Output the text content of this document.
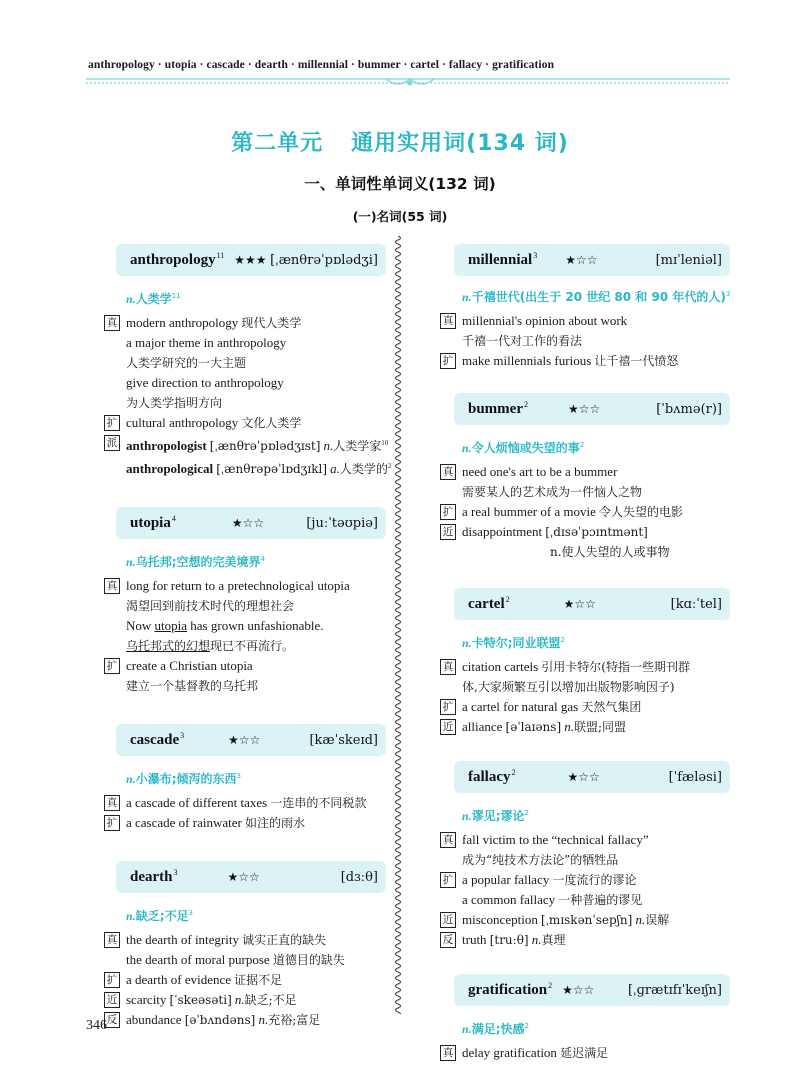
anthropology · utopia · cascade · dearth · millennial · bummer · cartel · fallacy · gratification
第二单元 通用实用词(134 词)
一、单词性单词义(132 词)
(一)名词(55 词)
anthropology$^{11}$ ★★★ [ˌænθrəˈpɒlədʒi]
n.人类学$^{11}$
真 modern anthropology 现代人类学
a major theme in anthropology
人类学研究的一大主题
give direction to anthropology
为人类学指明方向
扩 cultural anthropology 文化人类学
派 anthropologist [ˌænθrəˈpɒlədʒɪst] n.人类学家$^{10}$
anthropological [ˌænθrəpəˈlɒdʒɪkl] a.人类学的$^2$
utopia$^4$	★☆☆	[juːˈtəʊpiə]
n.乌托邦;空想的完美境界$^4$
真 long for return to a pretechnological utopia
渴望回到前技术时代的理想社会
Now utopia has grown unfashionable.
乌托邦式的幻想现已不再流行。
扩 create a Christian utopia
建立一个基督教的乌托邦
cascade$^3$	★☆☆	[kæˈskeɪd]
n.小瀑布;倾泻的东西$^3$
真 a cascade of different taxes 一连串的不同税款
扩 a cascade of rainwater 如注的雨水
dearth$^3$	★☆☆	[dɜːθ]
n.缺乏;不足$^3$
真 the dearth of integrity 诚实正直的缺失
the dearth of moral purpose 道德目的缺失
扩 a dearth of evidence 证据不足
近 scarcity [ˈskeəsəti] n.缺乏;不足
反 abundance [əˈbʌndəns] n.充裕;富足
millennial$^3$ ★☆☆	[mɪˈleniəl]
n.千禧世代(出生于 20 世纪 80 和 90 年代的人)$^3$
真 millennial's opinion about work
千禧一代对工作的看法
扩 make millennials furious 让千禧一代愤怒
bummer$^2$	★☆☆	[ˈbʌmə(r)]
n.令人烦恼或失望的事$^2$
真 need one's art to be a bummer
需要某人的艺术成为一件恼人之物
扩 a real bummer of a movie 令人失望的电影
近 disappointment [ˌdɪsəˈpɔɪntmənt]
n.使人失望的人或事物
cartel$^2$	★☆☆	[kɑːˈtel]
n.卡特尔;同业联盟$^2$
真 citation cartels 引用卡特尔(特指一些期刊群
体,大家频繁互引以增加出版物影响因子)
扩 a cartel for natural gas 天然气集团
近 alliance [əˈlaɪəns] n.联盟;同盟
fallacy$^2$	★☆☆	[ˈfæləsi]
n.谬见;谬论$^2$
真 fall victim to the “technical fallacy”
成为“纯技术方法论”的牺牲品
扩 a popular fallacy 一度流行的谬论
a common fallacy 一种普遍的谬见
近 misconception [ˌmɪskənˈsepʃn] n.误解
反 truth [truːθ] n.真理
gratification$^2$ ★☆☆	[ˌɡrætɪfɪˈkeɪʃn]
n.满足;快感$^2$
真 delay gratification 延迟满足
346
